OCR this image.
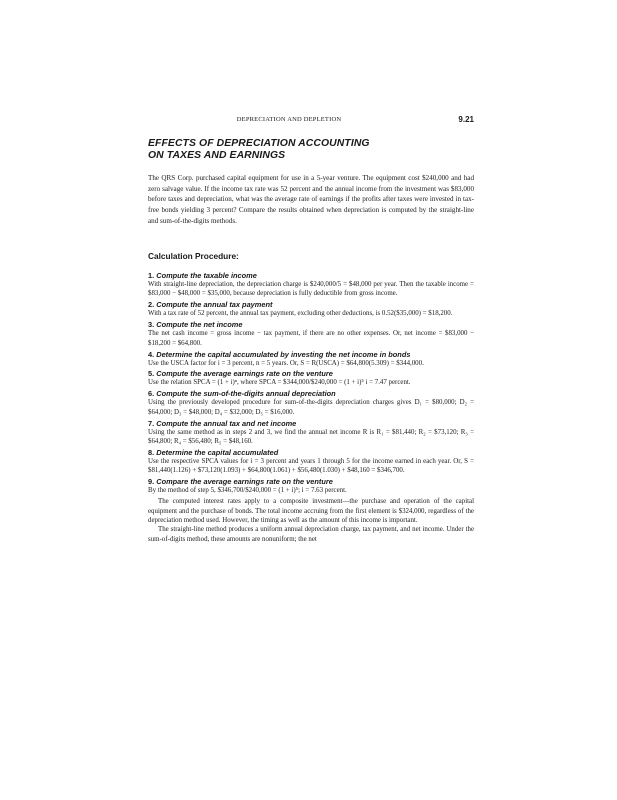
DEPRECIATION AND DEPLETION	9.21
EFFECTS OF DEPRECIATION ACCOUNTING
ON TAXES AND EARNINGS

The QRS Corp. purchased capital equipment for use in a 5-year venture. The equipment cost $240,000 and had zero salvage value. If the income tax rate was 52 percent and the annual income from the investment was $83,000 before taxes and depreciation, what was the average rate of earnings if the profits after taxes were invested in tax-free bonds yielding 3 percent? Compare the results obtained when depreciation is computed by the straight-line and sum-of-the-digits methods.

Calculation Procedure:

1. Compute the taxable income

With straight-line depreciation, the depreciation charge is $240,000/5 = $48,000 per year. Then the taxable income = $83,000 − $48,000 = $35,000, because depreciation is fully deductible from gross income.

2. Compute the annual tax payment

With a tax rate of 52 percent, the annual tax payment, excluding other deductions, is 0.52($35,000) = $18,200.

3. Compute the net income

The net cash income = gross income − tax payment, if there are no other expenses. Or, net income = $83,000 − $18,200 = $64,800.

4. Determine the capital accumulated by investing the net income in bonds

Use the USCA factor for i = 3 percent, n = 5 years. Or, S = R(USCA) = $64,800(5.309) = $344,000.

5. Compute the average earnings rate on the venture

Use the relation SPCA = (1 + i)ⁿ, where SPCA = $344,000/$240,000 = (1 + i)⁵ i = 7.47 percent.

6. Compute the sum-of-the-digits annual depreciation

Using the previously developed procedure for sum-of-the-digits depreciation charges gives D₁ = $80,000; D₂ = $64,000; D₃ = $48,000; D₄ = $32,000; D₅ = $16,000.

7. Compute the annual tax and net income

Using the same method as in steps 2 and 3, we find the annual net income R is R₁ = $81,440; R₂ = $73,120; R₃ = $64,800; R₄ = $56,480; R₅ = $48,160.

8. Determine the capital accumulated

Use the respective SPCA values for i = 3 percent and years 1 through 5 for the income earned in each year. Or, S = $81,440(1.126) + $73,120(1.093) + $64,800(1.061) + $56,480(1.030) + $48,160 = $346,700.

9. Compare the average earnings rate on the venture

By the method of step 5, $346,700/$240,000 = (1 + i)⁵; i = 7.63 percent.

The computed interest rates apply to a composite investment—the purchase and operation of the capital equipment and the purchase of bonds. The total income accruing from the first element is $324,000, regardless of the depreciation method used. However, the timing as well as the amount of this income is important.

The straight-line method produces a uniform annual depreciation charge, tax payment, and net income. Under the sum-of-digits method, these amounts are nonuniform; the net
